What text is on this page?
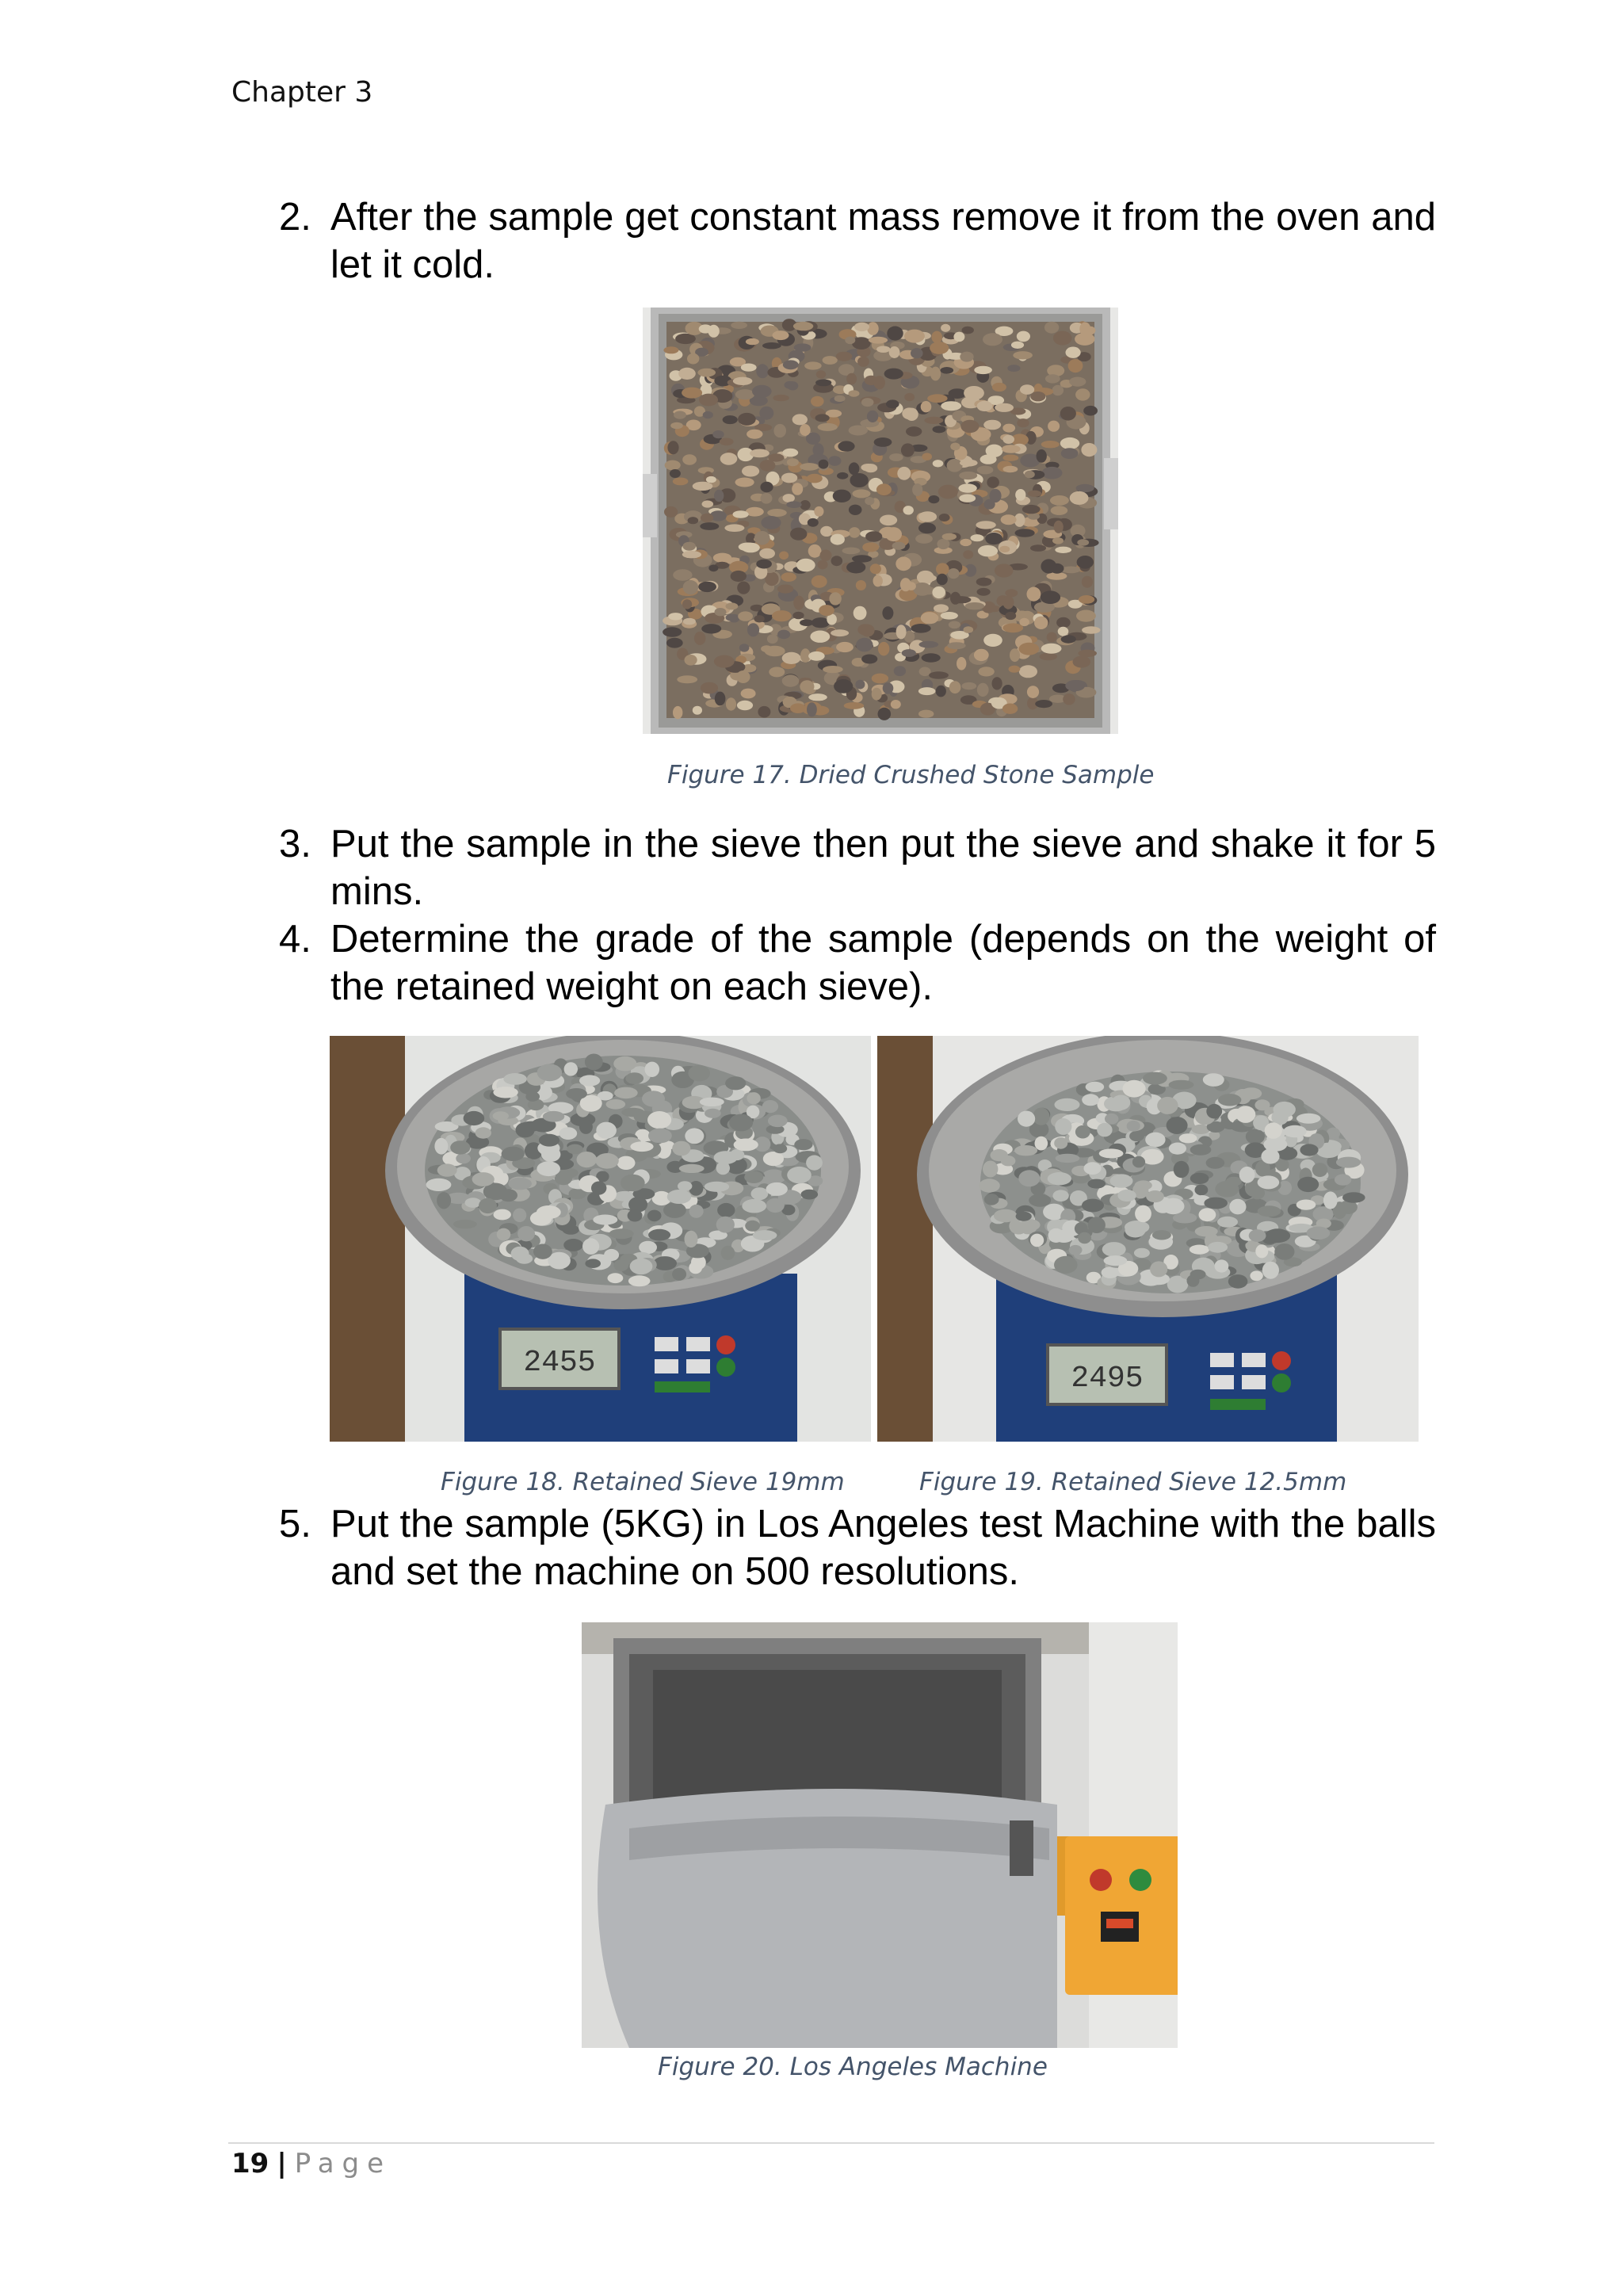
Chapter 3
2. After the sample get constant mass remove it from the oven and let it cold.
Figure 17. Dried Crushed Stone Sample
3. Put the sample in the sieve then put the sieve and shake it for 5 mins.
4. Determine the grade of the sample (depends on the weight of the retained weight on each sieve).
2455	2495
Figure 18. Retained Sieve 19mm	Figure 19. Retained Sieve 12.5mm
5. Put the sample (5KG) in Los Angeles test Machine with the balls and set the machine on 500 resolutions.
Figure 20. Los Angeles Machine
19 | Page
